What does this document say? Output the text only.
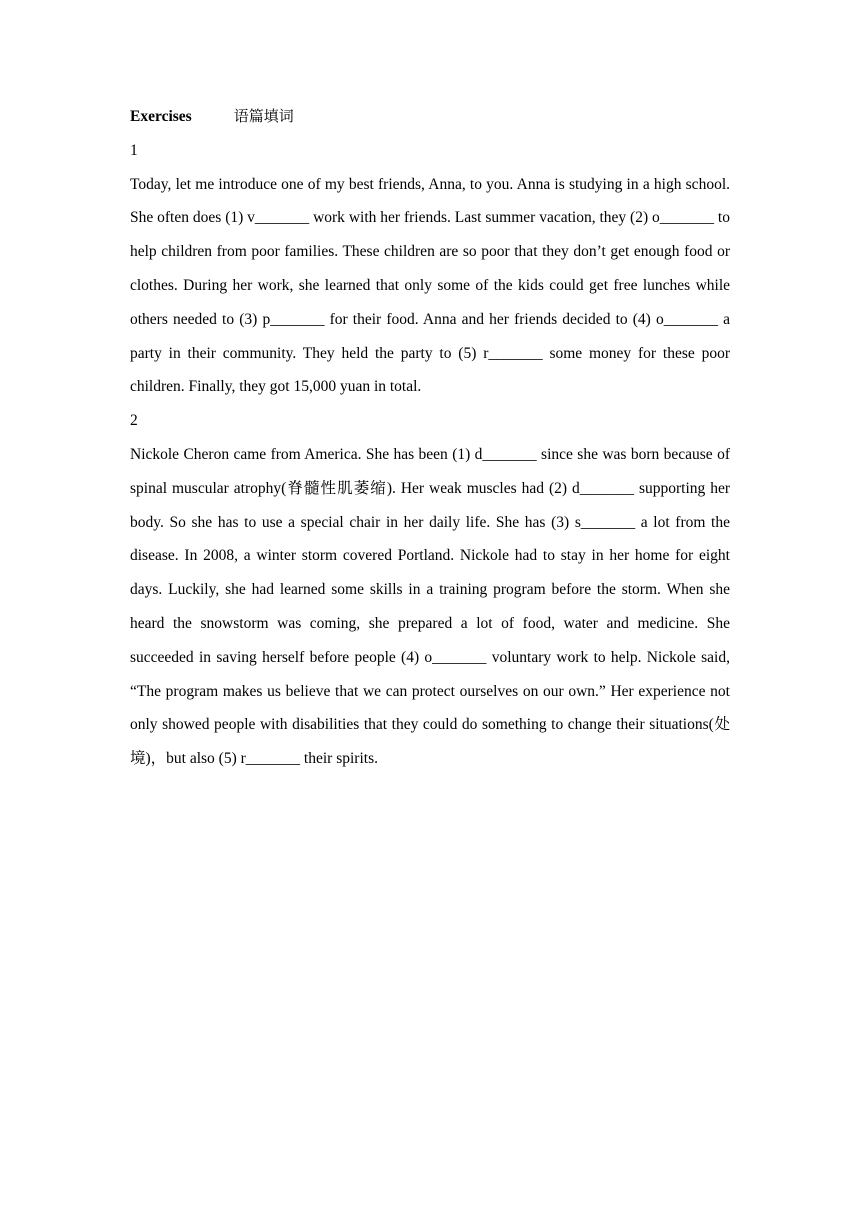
Exercises	语篇填词
1

Today, let me introduce one of my best friends, Anna, to you. Anna is studying in a high school. She often does (1) v_______ work with her friends. Last summer vacation, they (2) o_______ to help children from poor families. These children are so poor that they don’t get enough food or clothes. During her work, she learned that only some of the kids could get free lunches while others needed to (3) p_______ for their food. Anna and her friends decided to (4) o_______ a party in their community. They held the party to (5) r_______ some money for these poor children. Finally, they got 15,000 yuan in total.

2

Nickole Cheron came from America. She has been (1) d_______ since she was born because of spinal muscular atrophy(脊髓性肌萎缩). Her weak muscles had (2) d_______ supporting her body. So she has to use a special chair in her daily life. She has (3) s_______ a lot from the disease. In 2008, a winter storm covered Portland. Nickole had to stay in her home for eight days. Luckily, she had learned some skills in a training program before the storm. When she heard the snowstorm was coming, she prepared a lot of food, water and medicine. She succeeded in saving herself before people (4) o_______ voluntary work to help. Nickole said, “The program makes us believe that we can protect ourselves on our own.” Her experience not only showed people with disabilities that they could do something to change their situations(处境)，but also (5) r_______ their spirits.
